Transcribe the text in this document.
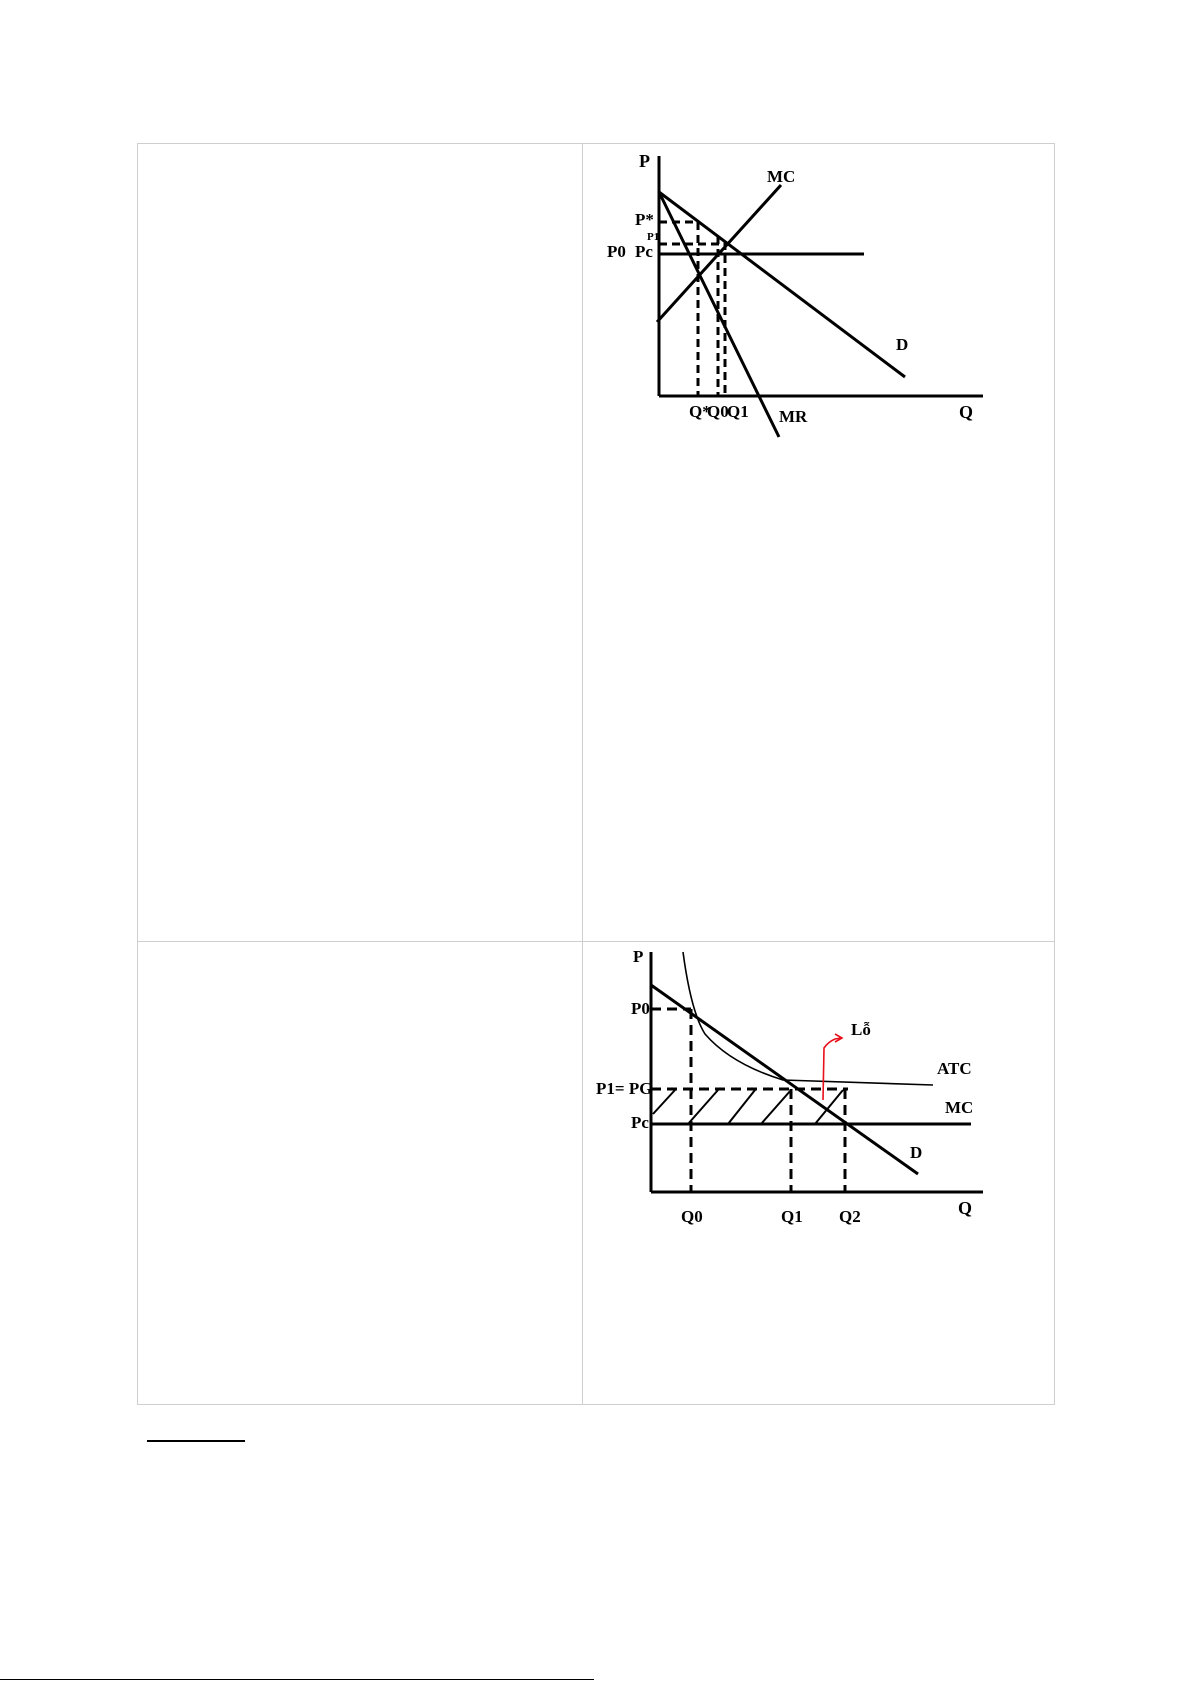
P
Q
MC
D
MR
P*
P1
P0 Pc
Q*
Q0
Q1
P
Q
P0
P1= PG
Pc
Q0	Q1 Q2
ATC
MC
D
Lỗ
